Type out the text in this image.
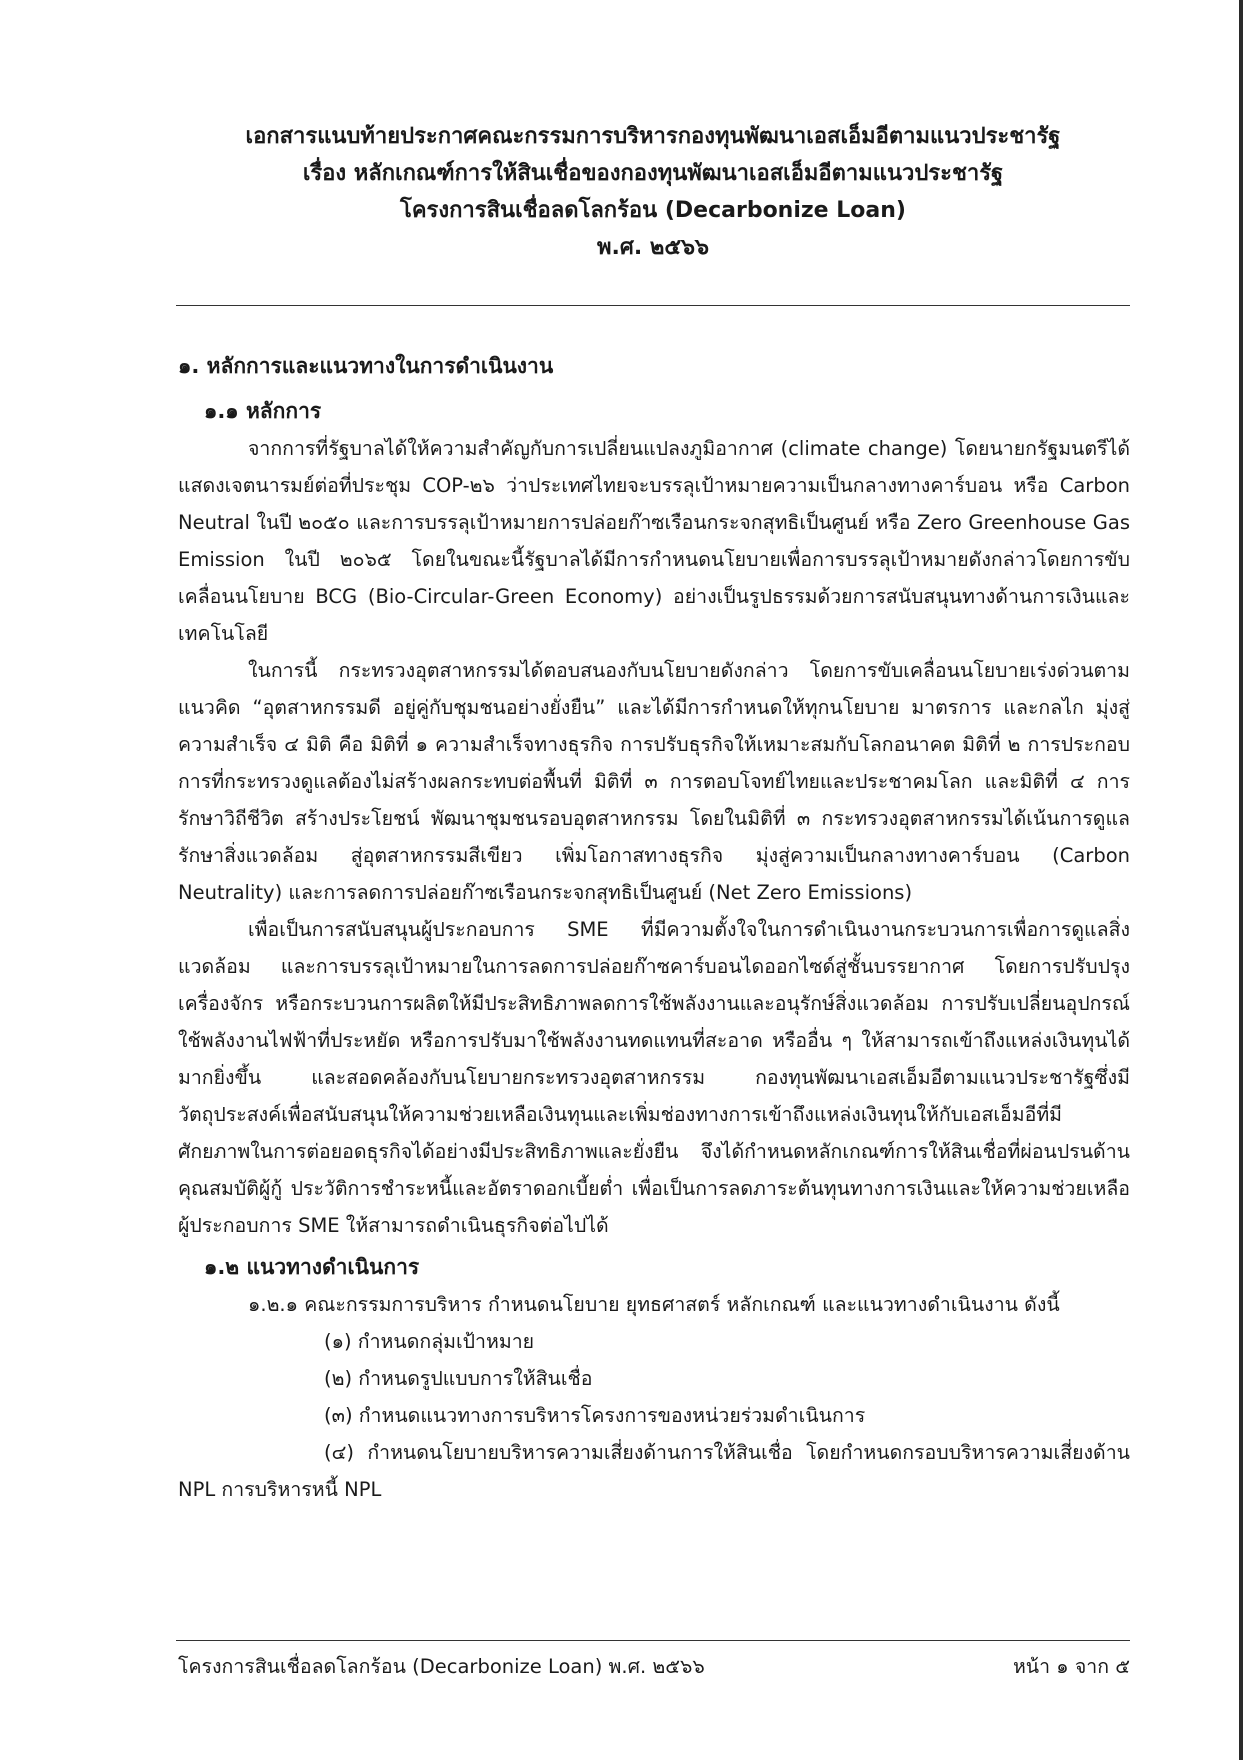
เอกสารแนบท้ายประกาศคณะกรรมการบริหารกองทุนพัฒนาเอสเอ็มอีตามแนวประชารัฐ
เรื่อง หลักเกณฑ์การให้สินเชื่อของกองทุนพัฒนาเอสเอ็มอีตามแนวประชารัฐ
โครงการสินเชื่อลดโลกร้อน (Decarbonize Loan)
พ.ศ. ๒๕๖๖
๑. หลักการและแนวทางในการดำเนินงาน
๑.๑ หลักการ

จากการที่รัฐบาลได้ให้ความสำคัญกับการเปลี่ยนแปลงภูมิอากาศ (climate change) โดยนายกรัฐมนตรีได้แสดงเจตนารมย์ต่อที่ประชุม COP-๒๖ ว่าประเทศไทยจะบรรลุเป้าหมายความเป็นกลางทางคาร์บอน หรือ Carbon Neutral ในปี ๒๐๕๐ และการบรรลุเป้าหมายการปล่อยก๊าซเรือนกระจกสุทธิเป็นศูนย์ หรือ Zero Greenhouse Gas Emission ในปี ๒๐๖๕ โดยในขณะนี้รัฐบาลได้มีการกำหนดนโยบายเพื่อการบรรลุเป้าหมายดังกล่าวโดยการขับเคลื่อนนโยบาย BCG (Bio-Circular-Green Economy) อย่างเป็นรูปธรรมด้วยการสนับสนุนทางด้านการเงินและเทคโนโลยี

ในการนี้ กระทรวงอุตสาหกรรมได้ตอบสนองกับนโยบายดังกล่าว โดยการขับเคลื่อนนโยบายเร่งด่วนตามแนวคิด “อุตสาหกรรมดี อยู่คู่กับชุมชนอย่างยั่งยืน” และได้มีการกำหนดให้ทุกนโยบาย มาตรการ และกลไก มุ่งสู่ความสำเร็จ ๔ มิติ คือ มิติที่ ๑ ความสำเร็จทางธุรกิจ การปรับธุรกิจให้เหมาะสมกับโลกอนาคต มิติที่ ๒ การประกอบการที่กระทรวงดูแลต้องไม่สร้างผลกระทบต่อพื้นที่ มิติที่ ๓ การตอบโจทย์ไทยและประชาคมโลก และมิติที่ ๔ การรักษาวิถีชีวิต สร้างประโยชน์ พัฒนาชุมชนรอบอุตสาหกรรม โดยในมิติที่ ๓ กระทรวงอุตสาหกรรมได้เน้นการดูแลรักษาสิ่งแวดล้อม สู่อุตสาหกรรมสีเขียว เพิ่มโอกาสทางธุรกิจ มุ่งสู่ความเป็นกลางทางคาร์บอน (Carbon Neutrality) และการลดการปล่อยก๊าซเรือนกระจกสุทธิเป็นศูนย์ (Net Zero Emissions)

เพื่อเป็นการสนับสนุนผู้ประกอบการ SME ที่มีความตั้งใจในการดำเนินงานกระบวนการเพื่อการดูแลสิ่งแวดล้อม และการบรรลุเป้าหมายในการลดการปล่อยก๊าซคาร์บอนไดออกไซด์สู่ชั้นบรรยากาศ โดยการปรับปรุงเครื่องจักร หรือกระบวนการผลิตให้มีประสิทธิภาพลดการใช้พลังงานและอนุรักษ์สิ่งแวดล้อม การปรับเปลี่ยนอุปกรณ์ใช้พลังงานไฟฟ้าที่ประหยัด หรือการปรับมาใช้พลังงานทดแทนที่สะอาด หรืออื่น ๆ ให้สามารถเข้าถึงแหล่งเงินทุนได้มากยิ่งขึ้น และสอดคล้องกับนโยบายกระทรวงอุตสาหกรรม กองทุนพัฒนาเอสเอ็มอีตามแนวประชารัฐซึ่งมีวัตถุประสงค์เพื่อสนับสนุนให้ความช่วยเหลือเงินทุนและเพิ่มช่องทางการเข้าถึงแหล่งเงินทุนให้กับเอสเอ็มอีที่มีศักยภาพในการต่อยอดธุรกิจได้อย่างมีประสิทธิภาพและยั่งยืน จึงได้กำหนดหลักเกณฑ์การให้สินเชื่อที่ผ่อนปรนด้านคุณสมบัติผู้กู้ ประวัติการชำระหนี้และอัตราดอกเบี้ยต่ำ เพื่อเป็นการลดภาระต้นทุนทางการเงินและให้ความช่วยเหลือผู้ประกอบการ SME ให้สามารถดำเนินธุรกิจต่อไปได้

๑.๒ แนวทางดำเนินการ
๑.๒.๑ คณะกรรมการบริหาร กำหนดนโยบาย ยุทธศาสตร์ หลักเกณฑ์ และแนวทางดำเนินงาน ดังนี้
(๑) กำหนดกลุ่มเป้าหมาย
(๒) กำหนดรูปแบบการให้สินเชื่อ
(๓) กำหนดแนวทางการบริหารโครงการของหน่วยร่วมดำเนินการ

(๔) กำหนดนโยบายบริหารความเสี่ยงด้านการให้สินเชื่อ โดยกำหนดกรอบบริหารความเสี่ยงด้าน NPL การบริหารหนี้ NPL

โครงการสินเชื่อลดโลกร้อน (Decarbonize Loan) พ.ศ. ๒๕๖๖	หน้า ๑ จาก ๕
